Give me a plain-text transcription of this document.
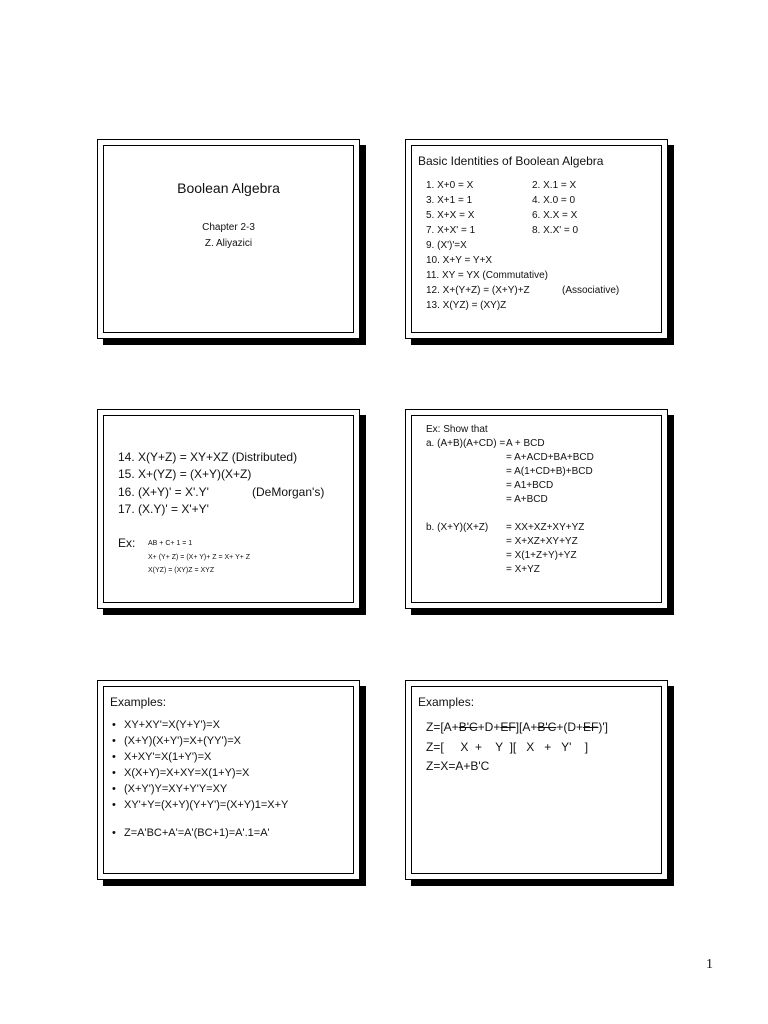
Boolean Algebra
Chapter 2-3
Z. Aliyazici
Basic Identities of Boolean Algebra
1. X+0 = X	2. X.1 = X
3. X+1 = 1	4. X.0 = 0
5. X+X = X	6. X.X = X
7. X+X' = 1	8. X.X' = 0
9. (X')'=X
10. X+Y = Y+X
11. XY = YX (Commutative)
12. X+(Y+Z) = (X+Y)+Z	(Associative)
13. X(YZ) = (XY)Z
14. X(Y+Z) = XY+XZ (Distributed)
15. X+(YZ) = (X+Y)(X+Z)
16. (X+Y)' = X'.Y'	(DeMorgan's)
17. (X.Y)' = X'+Y'
Ex: AB + C+ 1 = 1
X+ (Y+ Z) = (X+ Y)+ Z = X+ Y+ Z
X(YZ) = (XY)Z = XYZ
Ex: Show that
a. (A+B)(A+CD) = A + BCD
= A+ACD+BA+BCD
= A(1+CD+B)+BCD
= A1+BCD
= A+BCD
b. (X+Y)(X+Z) = XX+XZ+XY+YZ
= X+XZ+XY+YZ
= X(1+Z+Y)+YZ
= X+YZ
Examples:
• XY+XY'=X(Y+Y')=X
• (X+Y)(X+Y')=X+(YY')=X
• X+XY'=X(1+Y')=X
• X(X+Y)=X+XY=X(1+Y)=X
• (X+Y')Y=XY+Y'Y=XY
• XY'+Y=(X+Y)(Y+Y')=(X+Y)1=X+Y
• Z=A'BC+A'=A'(BC+1)=A'.1=A'
Examples:
Z=[A+B'C+D+EF][A+B'C+(D+EF)']
Z=[     X  +    Y  ][   X   +   Y'    ]
Z=X=A+B'C
1
